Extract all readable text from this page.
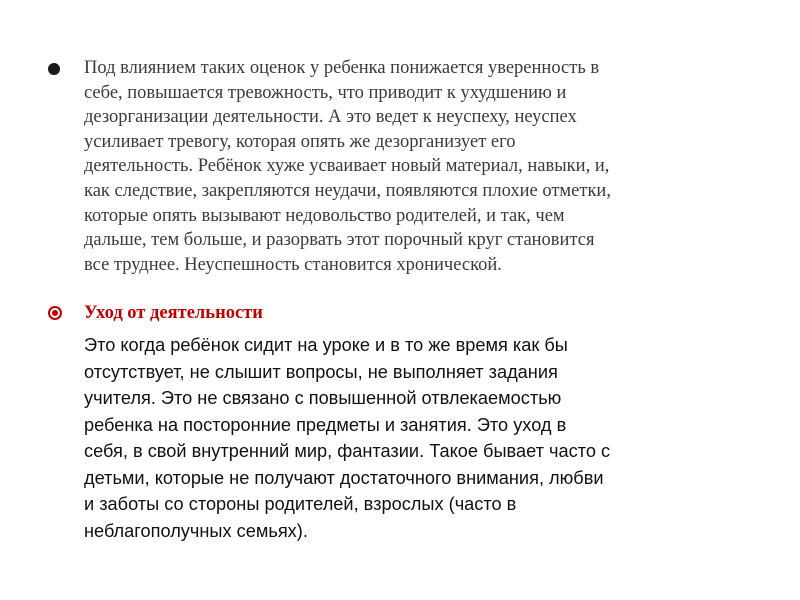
Под влиянием таких оценок у ребенка понижается уверенность в
себе, повышается тревожность, что приводит к ухудшению и
дезорганизации деятельности. А это ведет к неуспеху, неуспех
усиливает тревогу, которая опять же дезорганизует его
деятельность. Ребёнок хуже усваивает новый материал, навыки, и,
как следствие, закрепляются неудачи, появляются плохие отметки,
которые опять вызывают недовольство родителей, и так, чем
дальше, тем больше, и разорвать этот порочный круг становится
все труднее. Неуспешность становится хронической.
Уход от деятельности
Это когда ребёнок сидит на уроке и в то же время как бы
отсутствует, не слышит вопросы, не выполняет задания
учителя. Это не связано с повышенной отвлекаемостью
ребенка на посторонние предметы и занятия. Это уход в
себя, в свой внутренний мир, фантазии. Такое бывает часто с
детьми, которые не получают достаточного внимания, любви
и заботы со стороны родителей, взрослых (часто в
неблагополучных семьях).
